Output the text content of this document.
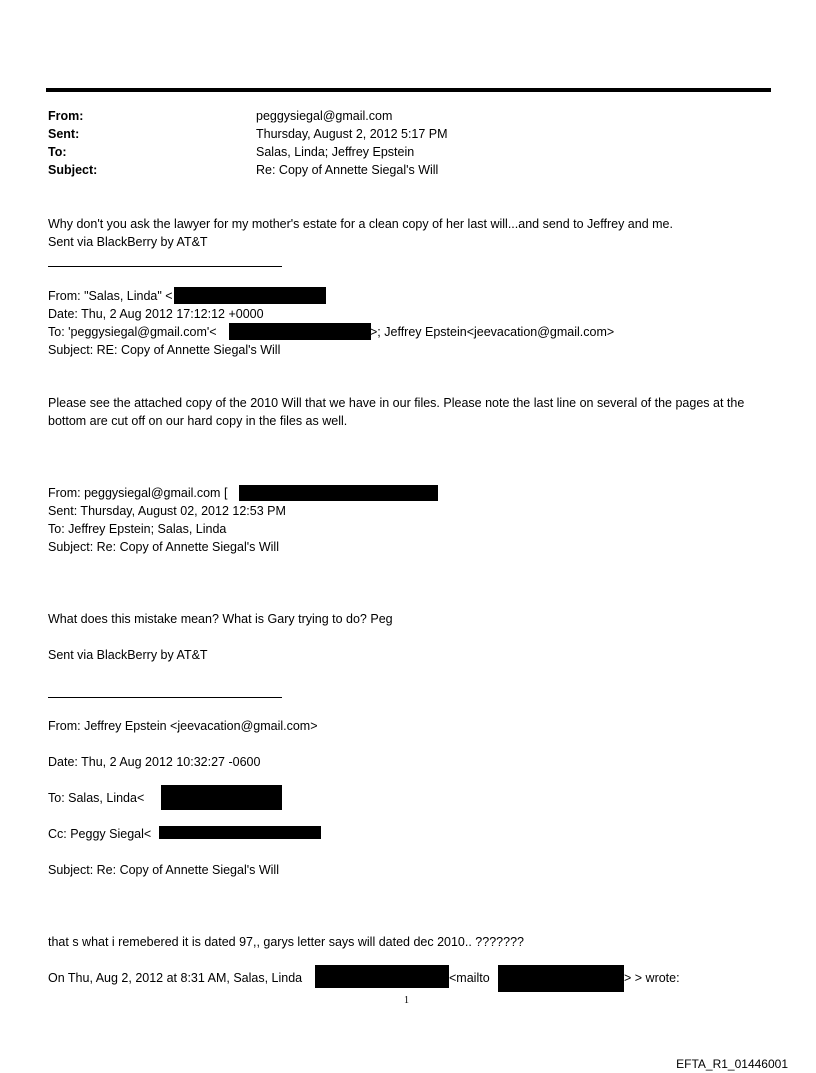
From:	peggysiegal@gmail.com
Sent:	Thursday, August 2, 2012 5:17 PM
To:	Salas, Linda; Jeffrey Epstein
Subject:	Re: Copy of Annette Siegal's Will
Why don't you ask the lawyer for my mother's estate for a clean copy of her last will...and send to Jeffrey and me.
Sent via BlackBerry by AT&T
From: "Salas, Linda" <
Date: Thu, 2 Aug 2012 17:12:12 +0000
To: 'peggysiegal@gmail.com'<	>; Jeffrey Epstein<jeevacation@gmail.com>
Subject: RE: Copy of Annette Siegal's Will
Please see the attached copy of the 2010 Will that we have in our files. Please note the last line on several of the pages at the bottom are cut off on our hard copy in the files as well.
From: peggysiegal@gmail.com [
Sent: Thursday, August 02, 2012 12:53 PM
To: Jeffrey Epstein; Salas, Linda
Subject: Re: Copy of Annette Siegal's Will
What does this mistake mean? What is Gary trying to do? Peg
Sent via BlackBerry by AT&T
From: Jeffrey Epstein <jeevacation@gmail.com>
Date: Thu, 2 Aug 2012 10:32:27 -0600
To: Salas, Linda<
Cc: Peggy Siegal<
Subject: Re: Copy of Annette Siegal's Will
that s what i remebered it is dated 97,, garys letter says will dated dec 2010.. ???????
On Thu, Aug 2, 2012 at 8:31 AM, Salas, Linda	<mailto	> > wrote:
1
EFTA_R1_01446001
